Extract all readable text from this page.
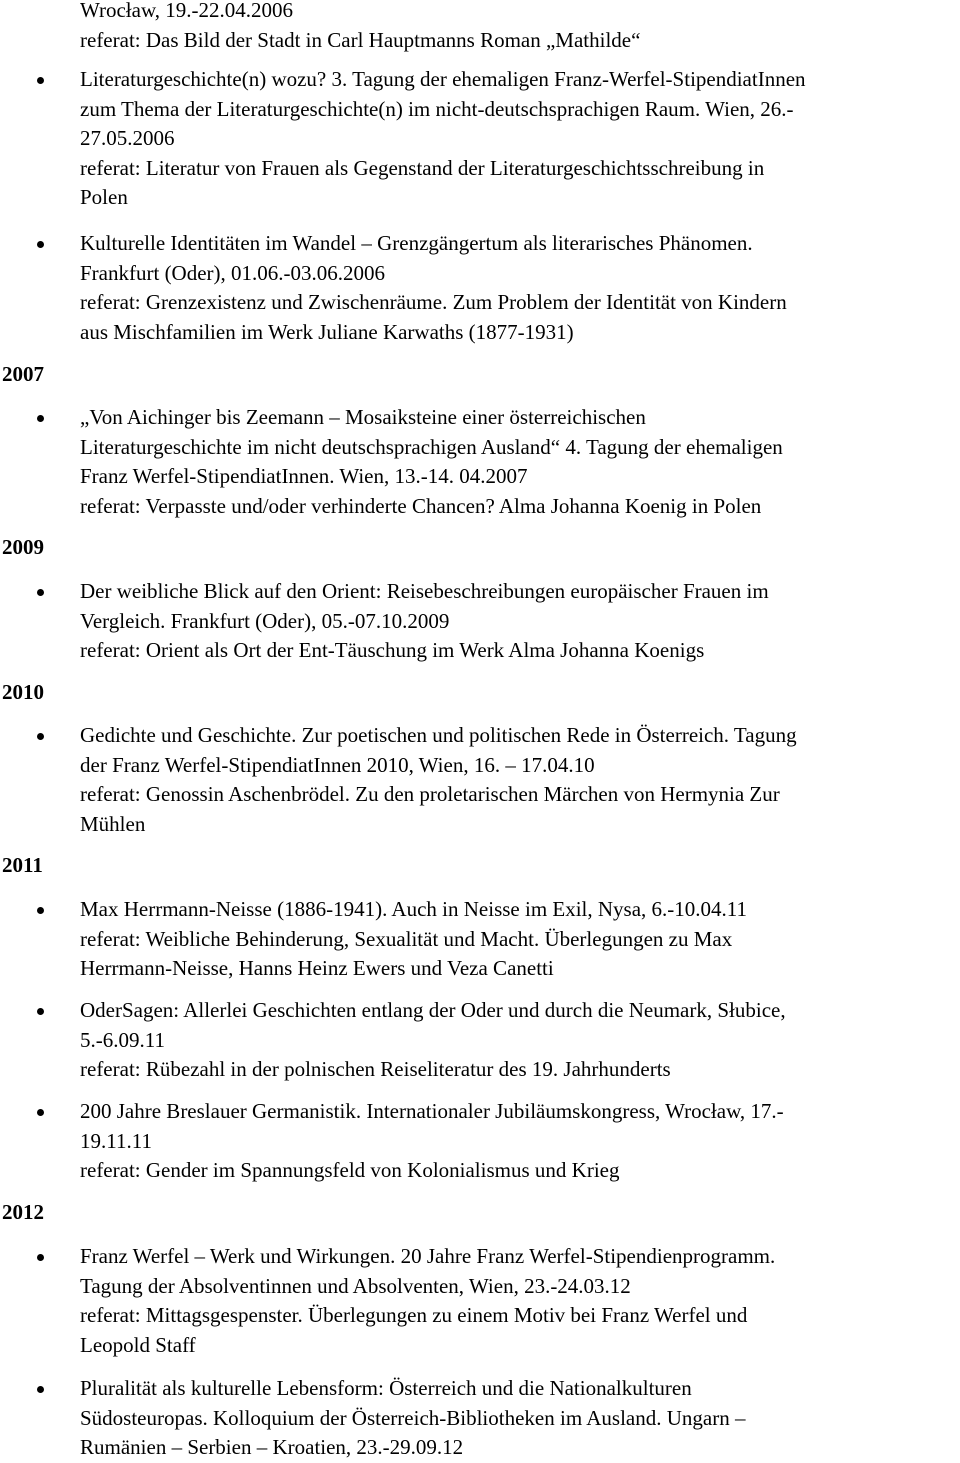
Wrocław, 19.-22.04.2006
referat: Das Bild der Stadt in Carl Hauptmanns Roman „Mathilde“
Literaturgeschichte(n) wozu? 3. Tagung der ehemaligen Franz-Werfel-StipendiatInnen
zum Thema der Literaturgeschichte(n) im nicht-deutschsprachigen Raum. Wien, 26.-
27.05.2006
referat: Literatur von Frauen als Gegenstand der Literaturgeschichtsschreibung in
Polen
Kulturelle Identitäten im Wandel – Grenzgängertum als literarisches Phänomen.
Frankfurt (Oder), 01.06.-03.06.2006
referat: Grenzexistenz und Zwischenräume. Zum Problem der Identität von Kindern
aus Mischfamilien im Werk Juliane Karwaths (1877-1931)
2007
„Von Aichinger bis Zeemann – Mosaiksteine einer österreichischen
Literaturgeschichte im nicht deutschsprachigen Ausland“ 4. Tagung der ehemaligen
Franz Werfel-StipendiatInnen. Wien, 13.-14. 04.2007
referat: Verpasste und/oder verhinderte Chancen? Alma Johanna Koenig in Polen
2009
Der weibliche Blick auf den Orient: Reisebeschreibungen europäischer Frauen im
Vergleich. Frankfurt (Oder), 05.-07.10.2009
referat: Orient als Ort der Ent-Täuschung im Werk Alma Johanna Koenigs
2010
Gedichte und Geschichte. Zur poetischen und politischen Rede in Österreich. Tagung
der Franz Werfel-StipendiatInnen 2010, Wien, 16. – 17.04.10
referat: Genossin Aschenbrödel. Zu den proletarischen Märchen von Hermynia Zur
Mühlen
2011
Max Herrmann-Neisse (1886-1941). Auch in Neisse im Exil, Nysa, 6.-10.04.11
referat: Weibliche Behinderung, Sexualität und Macht. Überlegungen zu Max
Herrmann-Neisse, Hanns Heinz Ewers und Veza Canetti
OderSagen: Allerlei Geschichten entlang der Oder und durch die Neumark, Słubice,
5.-6.09.11
referat: Rübezahl in der polnischen Reiseliteratur des 19. Jahrhunderts
200 Jahre Breslauer Germanistik. Internationaler Jubiläumskongress, Wrocław, 17.-
19.11.11
referat: Gender im Spannungsfeld von Kolonialismus und Krieg
2012
Franz Werfel – Werk und Wirkungen. 20 Jahre Franz Werfel-Stipendienprogramm.
Tagung der Absolventinnen und Absolventen, Wien, 23.-24.03.12
referat: Mittagsgespenster. Überlegungen zu einem Motiv bei Franz Werfel und
Leopold Staff
Pluralität als kulturelle Lebensform: Österreich und die Nationalkulturen
Südosteuropas. Kolloquium der Österreich-Bibliotheken im Ausland. Ungarn –
Rumänien – Serbien – Kroatien, 23.-29.09.12
